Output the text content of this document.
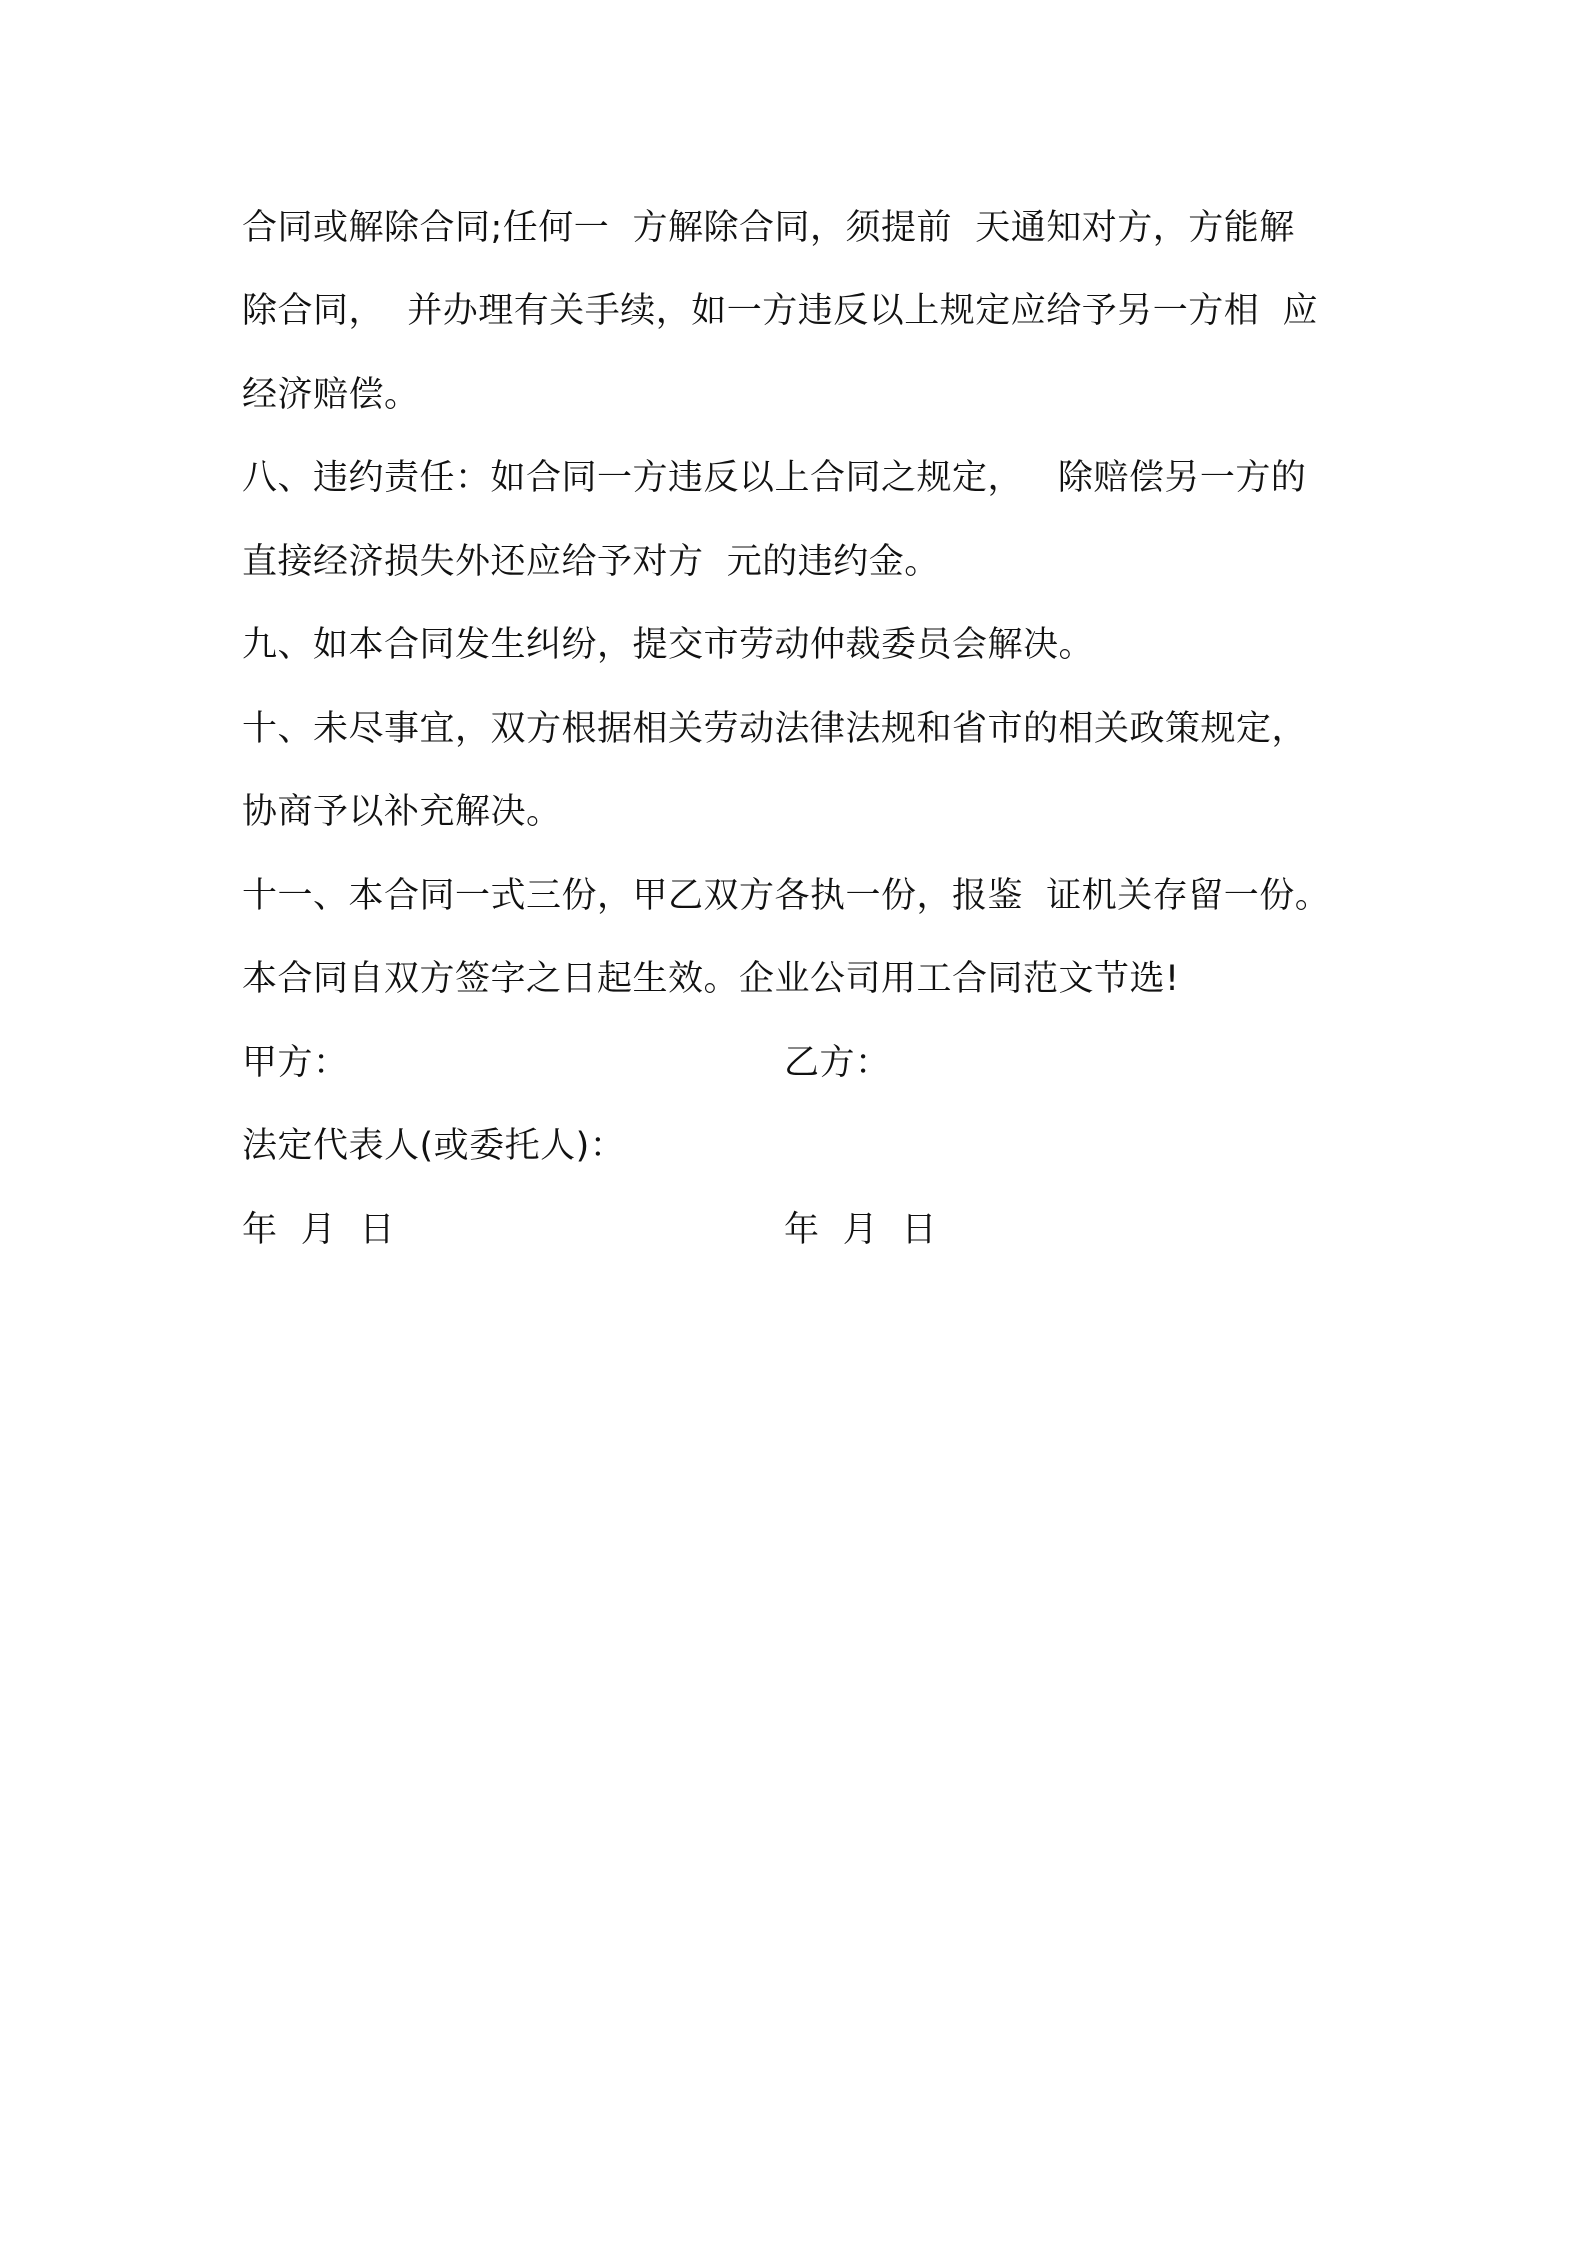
合同或解除合同;任何一  方解除合同，须提前  天通知对方，方能解
除合同，  并办理有关手续，如一方违反以上规定应给予另一方相  应
经济赔偿。
八、违约责任：如合同一方违反以上合同之规定，   除赔偿另一方的
直接经济损失外还应给予对方  元的违约金。
九、如本合同发生纠纷，提交市劳动仲裁委员会解决。
十、未尽事宜，双方根据相关劳动法律法规和省市的相关政策规定，
协商予以补充解决。
十一、本合同一式三份，甲乙双方各执一份，报鉴  证机关存留一份。
本合同自双方签字之日起生效。企业公司用工合同范文节选!
甲方：	乙方：
法定代表人(或委托人)：
年  月  日	年  月  日
